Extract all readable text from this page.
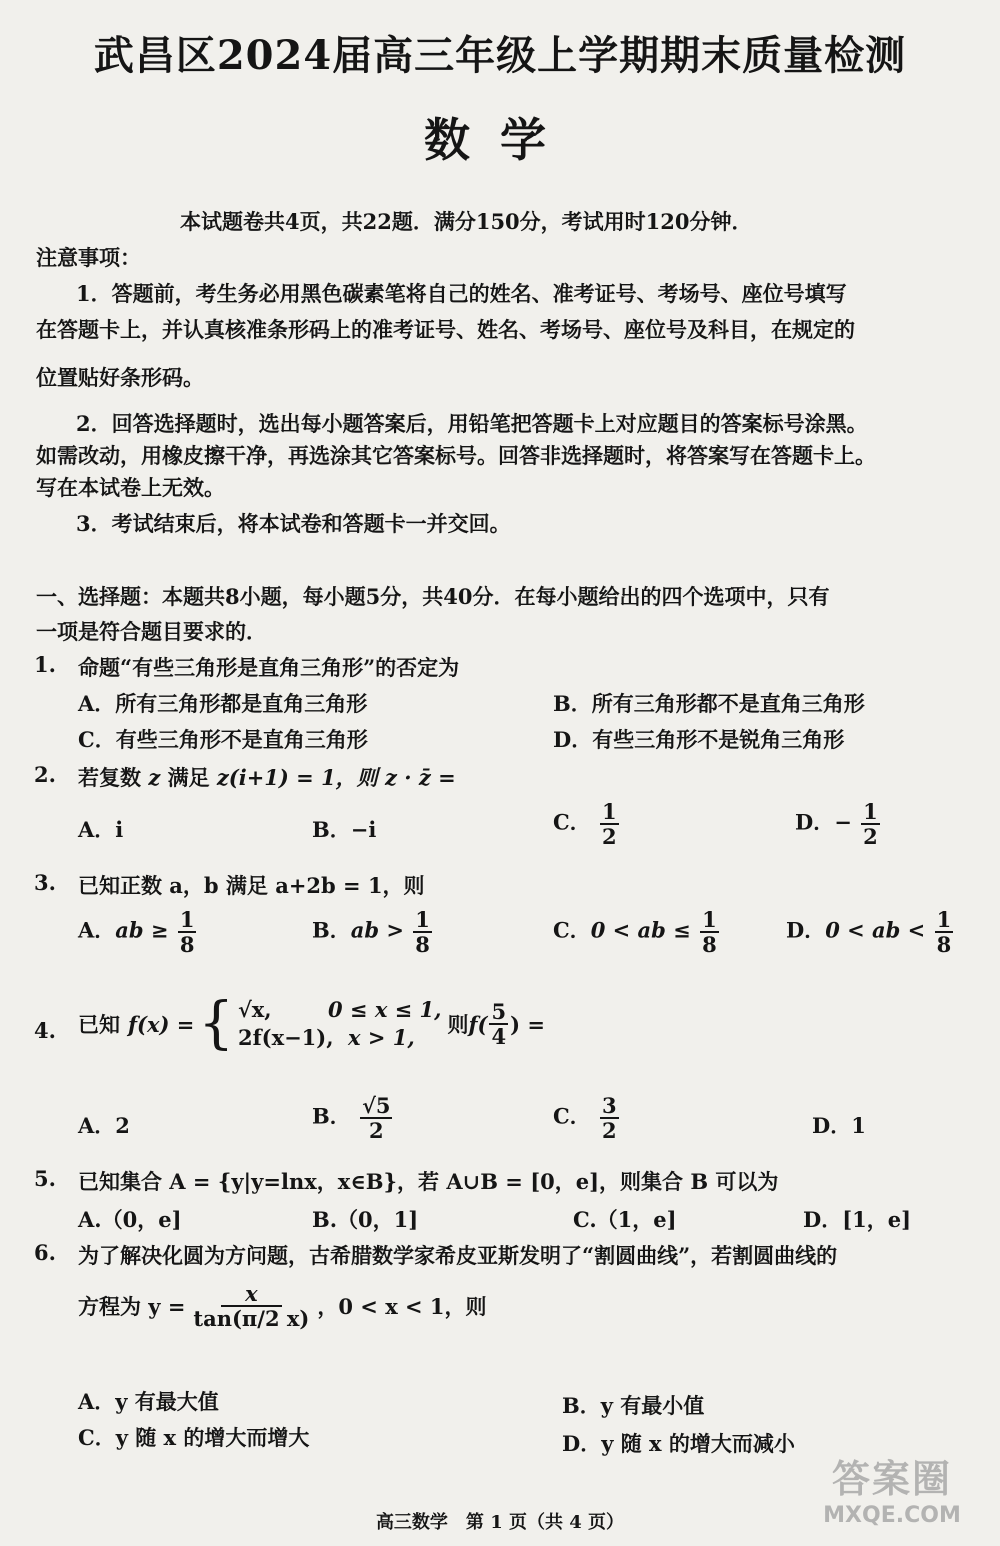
武昌区2024届高三年级上学期期末质量检测
数学
本试题卷共4页，共22题．满分150分，考试用时120分钟．
注意事项：
1．答题前，考生务必用黑色碳素笔将自己的姓名、准考证号、考场号、座位号填写
在答题卡上，并认真核准条形码上的准考证号、姓名、考场号、座位号及科目，在规定的
位置贴好条形码。
2．回答选择题时，选出每小题答案后，用铅笔把答题卡上对应题目的答案标号涂黑。
如需改动，用橡皮擦干净，再选涂其它答案标号。回答非选择题时，将答案写在答题卡上。
写在本试卷上无效。
3．考试结束后，将本试卷和答题卡一并交回。
一、选择题：本题共8小题，每小题5分，共40分．在每小题给出的四个选项中，只有
一项是符合题目要求的．
1. 命题“有些三角形是直角三角形”的否定为
A．所有三角形都是直角三角形	B．所有三角形都不是直角三角形
C．有些三角形不是直角三角形	D．有些三角形不是锐角三角形
2. 若复数 z 满足 z(i+1) = 1，则 z · z̄ =
A．i	B．−i	C． $\frac{1}{2}$	D．− $\frac{1}{2}$
3. 已知正数 a，b 满足 a+2b = 1，则
A．ab ≥ $\frac{1}{8}$	B．ab > $\frac{1}{8}$	C．0 < ab ≤ $\frac{1}{8}$	D．0 < ab < $\frac{1}{8}$
4. 已知 f(x) = { √x,	0 ≤ x ≤ 1,
2f(x−1), x > 1,
则 $f( \frac{5}{4}$ ) =
A．2	B． $\frac{√5}{2}$	C． $\frac{3}{2}$	D．1
5. 已知集合 A = {y|y=lnx，x∈B}，若 A∪B = [0，e]，则集合 B 可以为
A.（0，e]	B.（0，1]	C.（1，e]	D．[1，e]
6. 为了解决化圆为方问题，古希腊数学家希皮亚斯发明了“割圆曲线”，若割圆曲线的
方程为 $y = \frac{x}{\tan(\pi/2 x)}$ ，0 < x < 1，则
A．y 有最大值	B．y 有最小值
C．y 随 x 的增大而增大	D．y 随 x 的增大而减小
高三数学　第 1 页（共 4 页）
答案圈
MXQE.COM
